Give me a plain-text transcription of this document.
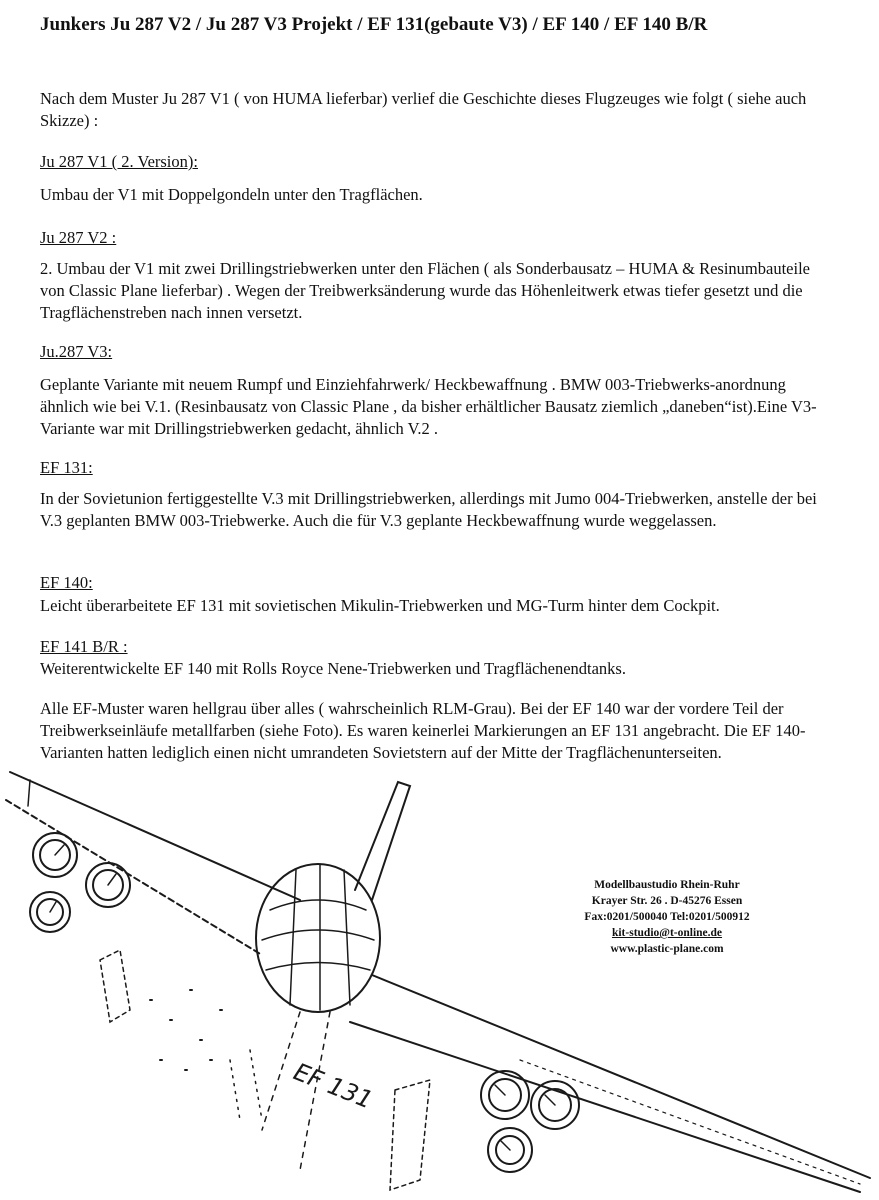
Junkers Ju 287 V2 / Ju 287 V3 Projekt / EF 131(gebaute V3) / EF 140 / EF 140 B/R

Nach dem Muster Ju 287 V1 ( von HUMA lieferbar) verlief die Geschichte dieses Flugzeuges wie folgt ( siehe auch Skizze) :

Ju 287 V1 ( 2. Version):

Umbau der V1 mit Doppelgondeln unter den Tragflächen.

Ju 287 V2 :

2. Umbau der V1 mit zwei Drillingstriebwerken unter den Flächen ( als Sonderbausatz – HUMA & Resinumbauteile von Classic Plane lieferbar) . Wegen der Treibwerksänderung wurde das Höhenleitwerk etwas tiefer gesetzt und die Tragflächenstreben nach innen versetzt.

Ju.287 V3:

Geplante Variante mit neuem Rumpf und Einziehfahrwerk/ Heckbewaffnung . BMW 003-Triebwerks-anordnung ähnlich wie bei V.1. (Resinbausatz von Classic Plane , da bisher erhältlicher Bausatz ziemlich „daneben“ist).Eine V3-Variante war mit Drillingstriebwerken gedacht, ähnlich V.2 .

EF 131:

In der Sovietunion fertiggestellte V.3 mit Drillingstriebwerken, allerdings mit Jumo 004-Triebwerken, anstelle der bei V.3 geplanten BMW 003-Triebwerke. Auch die für V.3 geplante Heckbewaffnung wurde weggelassen.

EF 140:

Leicht überarbeitete EF 131 mit sovietischen Mikulin-Triebwerken und MG-Turm hinter dem Cockpit.

EF 141 B/R :

Weiterentwickelte EF 140 mit Rolls Royce Nene-Triebwerken und Tragflächenendtanks.

Alle EF-Muster waren hellgrau über alles ( wahrscheinlich RLM-Grau). Bei der EF 140 war der vordere Teil der Treibwerkseinläufe metallfarben (siehe Foto). Es waren keinerlei Markierungen an EF 131 angebracht. Die EF 140-Varianten hatten lediglich einen nicht umrandeten Sovietstern auf der Mitte der Tragflächenunterseiten.

EF 131
Modellbaustudio Rhein-Ruhr
Krayer Str. 26 . D-45276 Essen
Fax:0201/500040 Tel:0201/500912
kit-studio@t-online.de
www.plastic-plane.com
